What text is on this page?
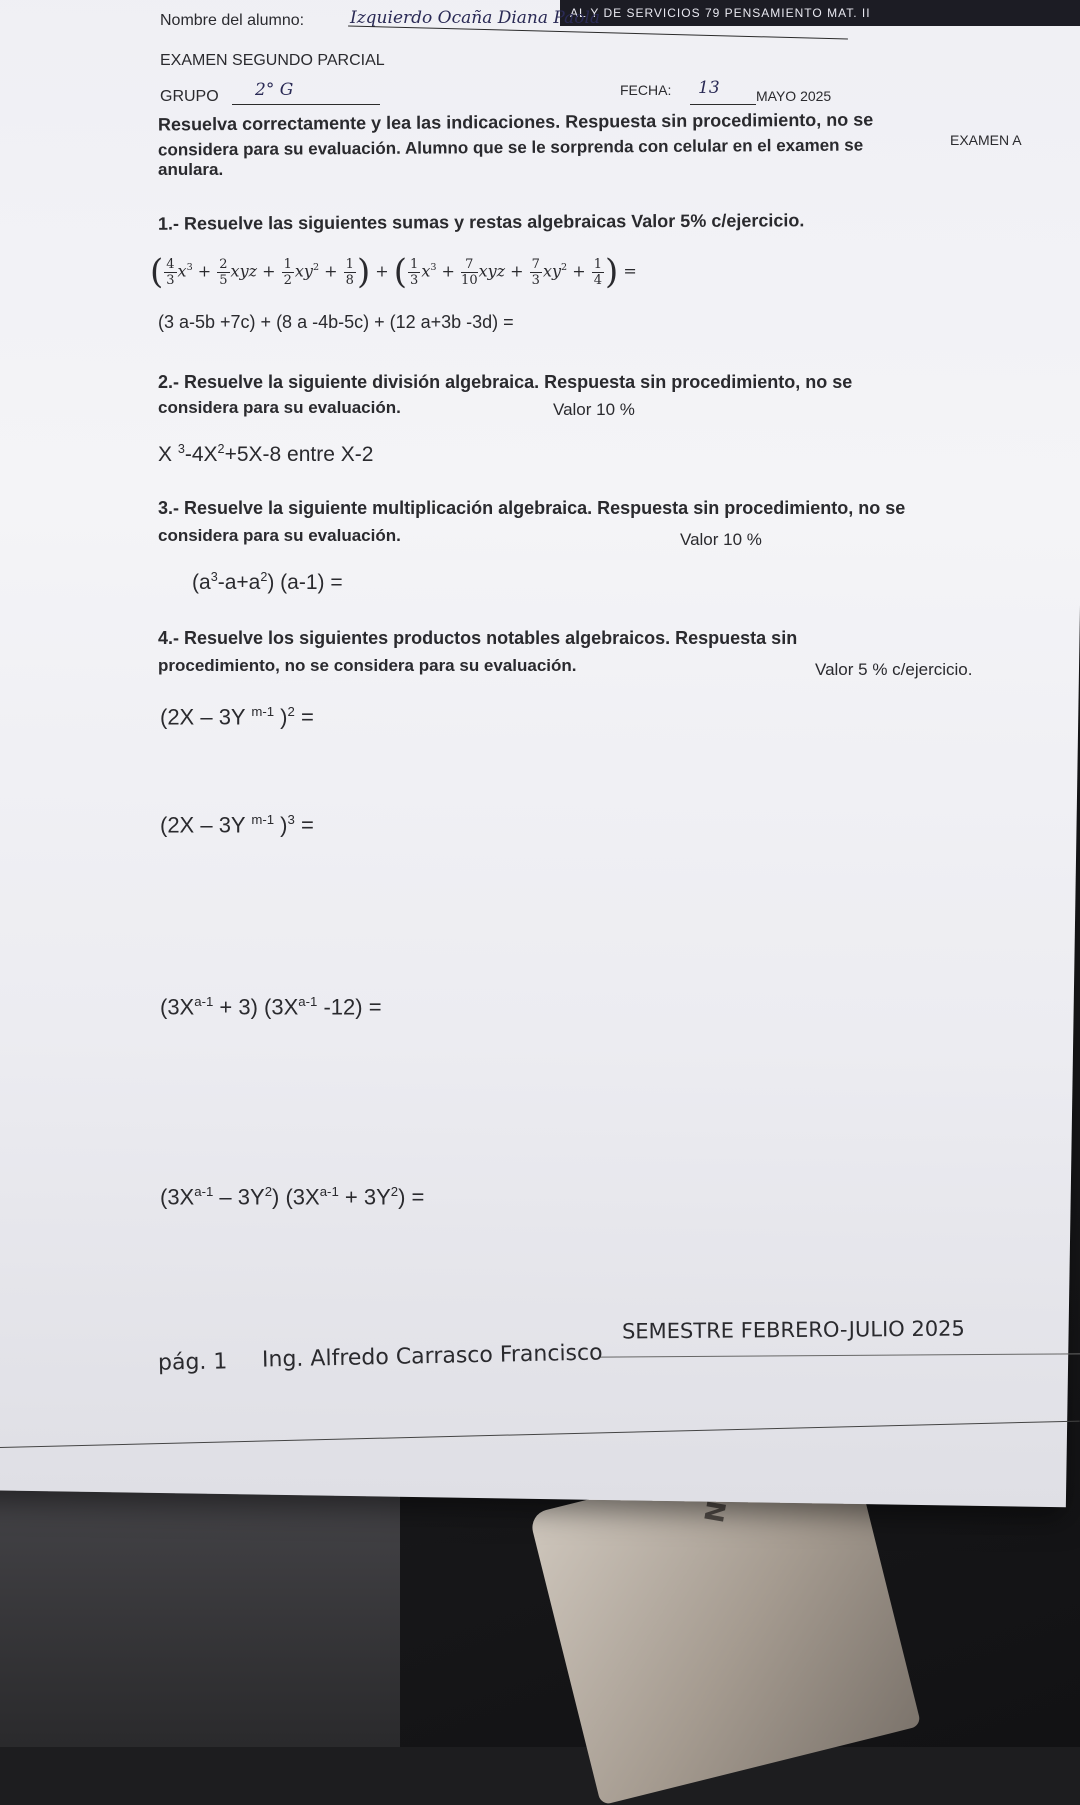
AL Y DE SERVICIOS 79 PENSAMIENTO MAT. II
Nombre del alumno:	Izquierdo Ocaña Diana Paola
EXAMEN SEGUNDO PARCIAL
GRUPO 2° G	FECHA: 13	MAYO 2025
EXAMEN A
Resuelva correctamente y lea las indicaciones. Respuesta sin procedimiento, no se
considera para su evaluación. Alumno que se le sorprenda con celular en el examen se
anulara.
1.- Resuelve las siguientes sumas y restas algebraicas Valor 5% c/ejercicio.
( $\frac{4}{3} x^3 + \frac{2}{5}$ xyz + $\frac{1}{2} xy^2 + \frac{1}{8}$ ) + ( $\frac{1}{3} x^3 + \frac{7}{10}$ xyz + $\frac{7}{3} xy^2 + \frac{1}{4}$ ) =
(3 a-5b +7c) + (8 a -4b-5c) + (12 a+3b -3d) =
2.- Resuelve la siguiente división algebraica. Respuesta sin procedimiento, no se
considera para su evaluación.	Valor 10 %
X $^3-4X^2+5X-8$ entre X-2
3.- Resuelve la siguiente multiplicación algebraica. Respuesta sin procedimiento, no se
considera para su evaluación.	Valor 10 %
$(a^3-a+a^2) (a-1)$ =
4.- Resuelve los siguientes productos notables algebraicos. Respuesta sin
procedimiento, no se considera para su evaluación.	Valor 5 % c/ejercicio.
(2X – 3Y $^{m-1}$ )$^2$ =
(2X – 3Y $^{m-1}$ )$^3$ =
$(3X^{a-1} + 3)$ ($3X^{a-1}$ -12) =
$(3X^{a-1} - 3Y^2) (3X^{a-1} + 3Y^2)$ =
SEMESTRE FEBRERO-JULIO 2025
pág. 1 Ing. Alfredo Carrasco Francisco
